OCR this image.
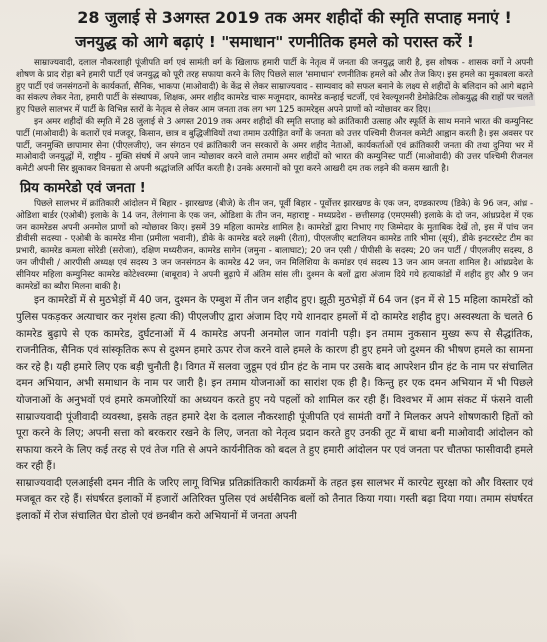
28 जुलाई से 3अगस्त 2019 तक अमर शहीदों की स्मृति सप्ताह मनाएं !
जनयुद्ध को आगे बढ़ाएं ! "समाधान" रणनीतिक हमले को परास्त करें !

साम्राज्यवादी, दलाल नौकरशाही पूंजीपति वर्ग एवं सामंती वर्ग के खिलाफ हमारी पार्टी के नेतृत्व में जनता की जनयुद्ध जारी है, इस शोषक - शासक वर्गो ने अपनी शोषण के प्राद रोड़ा बने हमारी पार्टी एवं जनयुद्ध को पूरी तरह सफाया करने के लिए पिछले साल 'समाधान' रणनीतिक हमले को और तेज किए। इस हमले का मुकाबला करते हुए पार्टी एवं जनसंगठनों के कार्यकर्ता, सैनिक, भाकपा (माओवादी) के केंद्र से लेकर साम्राज्यवाद - साम्यवाद को सफल बनाने के लक्ष्य से शहीदों के बलिदान को आगे बढ़ाने का संकल्प लेकर नेता, हमारी पार्टी के संस्थापक, शिक्षक, अमर शहीद कामरेड चारू मजूमदार, कामरेड कन्हाई चटर्जी, एवं रेवल्यूशनरी डेमोक्रेटिक लोकयुद्ध की राहों पर चलते हुए पिछले सालभर में पार्टी के विभिन्न स्तरों के नेतृत्व से लेकर आम जनता तक लग भग 125 कामरेड्स अपने प्राणों को न्योछावर कर दिए।

इन अमर शहीदों की स्मृति में 28 जुलाई से 3 अगस्त 2019 तक अमर शहीदों की स्मृति सप्ताह को क्रांतिकारी उत्साह और स्फूर्ति के साथ मनाने भारत की कम्युनिस्ट पार्टी (माओवादी) के कतारों एवं मजदूर, किसान, छात्र व बुद्धिजीवियों तथा तमाम उत्पीड़ित वर्गों के जनता को उत्तर पश्चिमी रीजनल कमेटी आह्वान करती है। इस अवसर पर पार्टी, जनमुक्ति छापामार सेना (पीएलजीए), जन संगठन एवं क्रांतिकारी जन सरकारों के अमर शहीद नेताओं, कार्यकर्ताओं एवं क्रांतिकारी जनता की तथा दुनिया भर में माओवादी जनयुद्धों में, राष्ट्रीय - मुक्ति संघर्ष में अपने जान न्योछावर करने वाले तमाम अमर शहीदों को भारत की कम्युनिस्ट पार्टी (माओवादी) की उत्तर पश्चिमी रीजनल कमेटी अपनी सिर झुकाकर विनम्रता से अपनी श्रद्धांजलि अर्पित करती है। उनके अरमानों को पूरा करने आखरी दम तक लड़ने की कसम खाती है।

प्रिय कामरेडो एवं जनता !

पिछले सालभर में क्रांतिकारी आंदोलन में बिहार - झारखण्ड (बीजे) के तीन जन, पूर्वी बिहार - पूर्वोत्तर झारखण्ड के एक जन, दण्डकारण्य (डिके) के 96 जन, आंध्र - ओडिशा बार्डर (एओबी) इलाके के 14 जन, तेलंगाना के एक जन, ओडिशा के तीन जन, महाराष्ट्र - मध्यप्रदेश - छत्तीसगढ़ (एमएमसी) इलाके के दो जन, आंध्रप्रदेश में एक जन कामरेडस अपनी अनमोल प्राणों को न्योछावर किए। इसमें 39 महिला कामरेड शामिल है। कामरेडों द्वारा निभाए गए जिम्मेदार के मुताबिक देखें तो, इस में पांच जन डीवीसी सदस्या - एओबी के कामरेड मीना (प्रमीला भवानी), डीके के कामरेड बदरे लक्ष्मी (रीता), पीएलजीए बटालियन कामरेड तारि भीमा (सूर्य), डीके इनटरस्टेट टीम का प्रभारी, कामरेड कमला सोरेडी (सरोजा), दक्षिण मध्यरीजन, कामरेड सागेन (जमुना - बालाघाट); 20 जन एसी / पीपीसी के सदस्य; 20 जन पार्टी / पीएलजीए सदस्य, 8 जन जीपीसी / आरपीसी अध्यक्ष एवं सदस्य 3 जन जनसंगठन के कामरेड 42 जन, जन मिलिशिया के कमांडर एवं सदस्य 13 जन आम जनता शामिल है। आंध्रप्रदेश के सीनियर महिला कम्युनिस्ट कामरेड कोटेश्वरम्मा (बाबूराव) ने अपनी बुढ़ापे में अंतिम सांस ली। दुश्मन के बलों द्वारा अंजाम दिये गये हत्याकांडों में शहीद हुए और 9 जन कामरेडों का ब्यौरा मिलना बाकी है।

इन कामरेडों में से मुठभेड़ों में 40 जन, दुश्मन के एम्बुश में तीन जन शहीद हुए। झूठी मुठभेड़ों में 64 जन (इन में से 15 महिला कामरेडों को पुलिस पकड़कर अत्याचार कर नृशंस हत्या की) पीएलजीए द्वारा अंजाम दिए गये शानदार हमलों में दो कामरेड शहीद हुए। अस्वस्थता के चलते 6 कामरेड बुढ़ापे से एक कामरेड, दुर्घटनाओं में 4 कामरेड अपनी अनमोल जान गवांनी पड़ी। इन तमाम नुकसान मुख्य रूप से सैद्धांतिक, राजनीतिक, सैनिक एवं सांस्कृतिक रूप से दुश्मन हमारे ऊपर रोज करने वाले हमले के कारण ही हुए हमने जो दुश्मन की भीषण हमले का सामना कर रहे है। यही हमारे लिए एक बड़ी चुनौती है। विगत में सलवा जुडूम एवं ग्रीन हंट के नाम पर उसके बाद आपरेशन ग्रीन हंट के नाम पर संचालित दमन अभियान, अभी समाधान के नाम पर जारी है। इन तमाम योजनाओं का सारांश एक ही है। किन्तु हर एक दमन अभियान में भी पिछले योजनाओं के अनुभवों एवं हमारे कमजोरियों का अध्ययन करते हुए नये पहलों को शामिल कर रही हैं। विश्वभर में आम संकट में फंसने वाली साम्राज्यवादी पूंजीवादी व्यवस्था, इसके तहत हमारे देश के दलाल नौकरशाही पूंजीपति एवं सामंती वर्गों ने मिलकर अपने शोषणकारी हितों को पूरा करने के लिए; अपनी सत्ता को बरकरार रखने के लिए, जनता को नेतृत्व प्रदान करते हुए उनकी तूट में बाधा बनी माओवादी आंदोलन को सफाया करने के लिए कई तरह से एवं तेज गति से अपने कार्यनीतिक को बदल ते हुए हमारी आंदोलन पर एवं जनता पर चौतफा फासीवादी हमले कर रही हैं।

साम्राज्यवादी एलआईसी दमन नीति के जरिए लागू विभिन्न प्रतिक्रांतिकारी कार्यक्रमों के तहत इस सालभर में कारपेट सुरक्षा को और विस्तार एवं मजबूत कर रहे हैं। संघर्षरत इलाकों में हजारों अतिरिक्त पुलिस एवं अर्धसैनिक बलों को तैनात किया गया। गस्ती बढ़ा दिया गया। तमाम संघर्षरत इलाकों में रोज संचालित घेरा डोलो एवं छनबीन करो अभियानों में जनता अपनी
